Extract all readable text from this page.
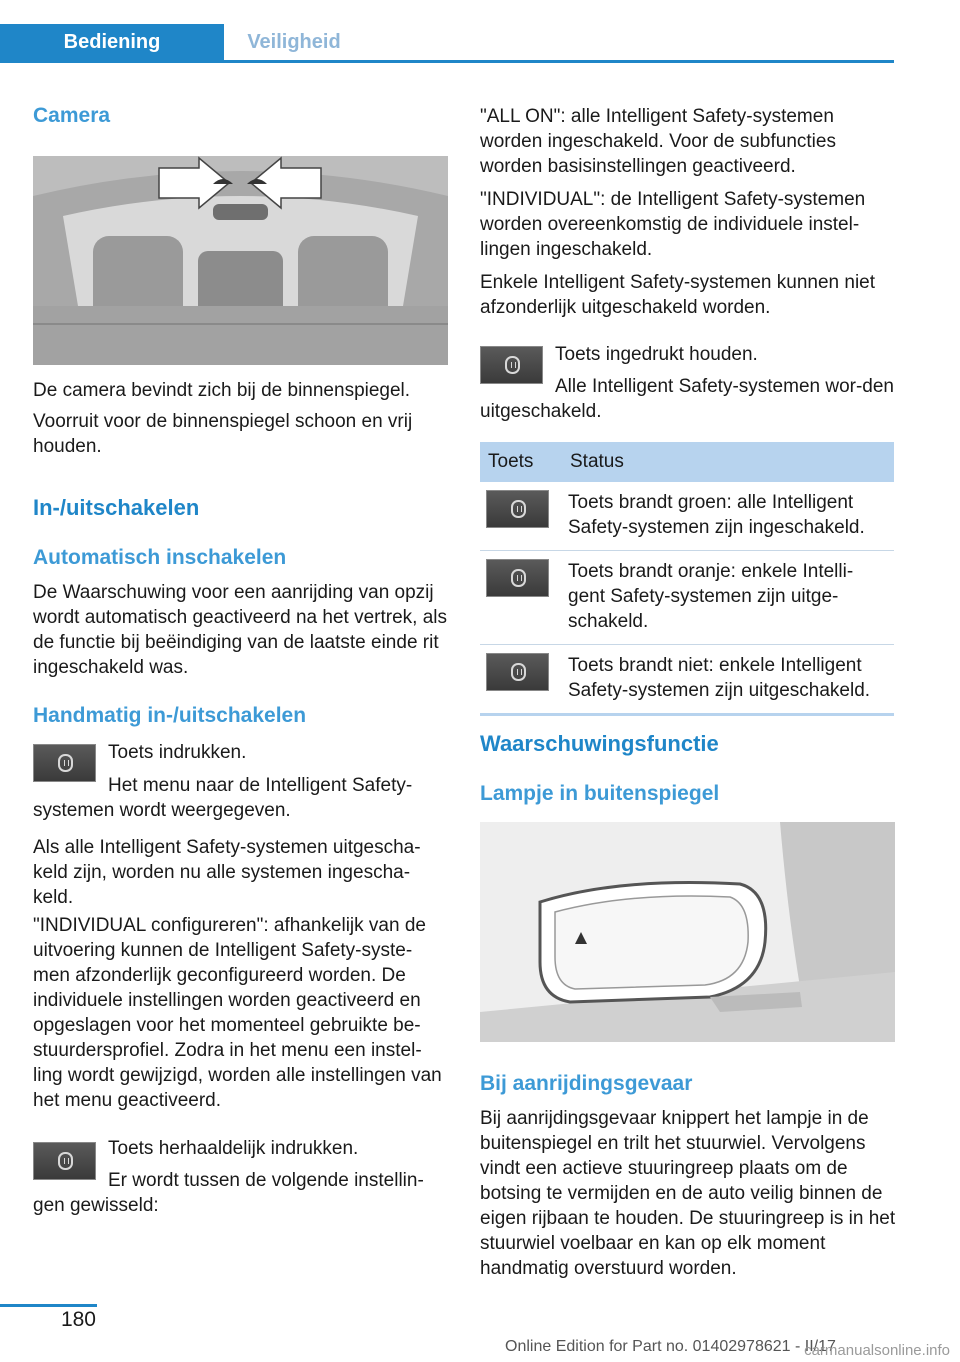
Bediening	Veiligheid
Camera

De camera bevindt zich bij de binnenspiegel.

Voorruit voor de binnenspiegel schoon en vrij houden.

In-/uitschakelen
Automatisch inschakelen

De Waarschuwing voor een aanrijding van opzij wordt automatisch geactiveerd na het vertrek, als de functie bij beëindiging van de laatste einde rit ingeschakeld was.

Handmatig in-/uitschakelen

Toets indrukken.

Het menu naar de Intelligent Safety-systemen wordt weergegeven.

Als alle Intelligent Safety-systemen uitgescha-keld zijn, worden nu alle systemen ingescha-keld.

"INDIVIDUAL configureren": afhankelijk van de uitvoering kunnen de Intelligent Safety-syste-men afzonderlijk geconfigureerd worden. De individuele instellingen worden geactiveerd en opgeslagen voor het momenteel gebruikte be-stuurdersprofiel. Zodra in het menu een instel-ling wordt gewijzigd, worden alle instellingen van het menu geactiveerd.

Toets herhaaldelijk indrukken.

Er wordt tussen de volgende instellin-gen gewisseld:

"ALL ON": alle Intelligent Safety-systemen worden ingeschakeld. Voor de subfuncties worden basisinstellingen geactiveerd.

"INDIVIDUAL": de Intelligent Safety-systemen worden overeenkomstig de individuele instel-lingen ingeschakeld.

Enkele Intelligent Safety-systemen kunnen niet afzonderlijk uitgeschakeld worden.

Toets ingedrukt houden.

Alle Intelligent Safety-systemen wor-den uitgeschakeld.

Toets	Status

	Toets brandt groen: alle Intelligent Safety-systemen zijn ingeschakeld.

	Toets brandt oranje: enkele Intelli-gent Safety-systemen zijn uitge-schakeld.

	Toets brandt niet: enkele Intelligent Safety-systemen zijn uitgeschakeld.
Waarschuwingsfunctie
Lampje in buitenspiegel
Bij aanrijdingsgevaar

Bij aanrijdingsgevaar knippert het lampje in de buitenspiegel en trilt het stuurwiel. Vervolgens vindt een actieve stuuringreep plaats om de botsing te vermijden en de auto veilig binnen de eigen rijbaan te houden. De stuuringreep is in het stuurwiel voelbaar en kan op elk moment handmatig overstuurd worden.

180
Online Edition for Part no. 01402978621 - II/17
carmanualsonline.info
